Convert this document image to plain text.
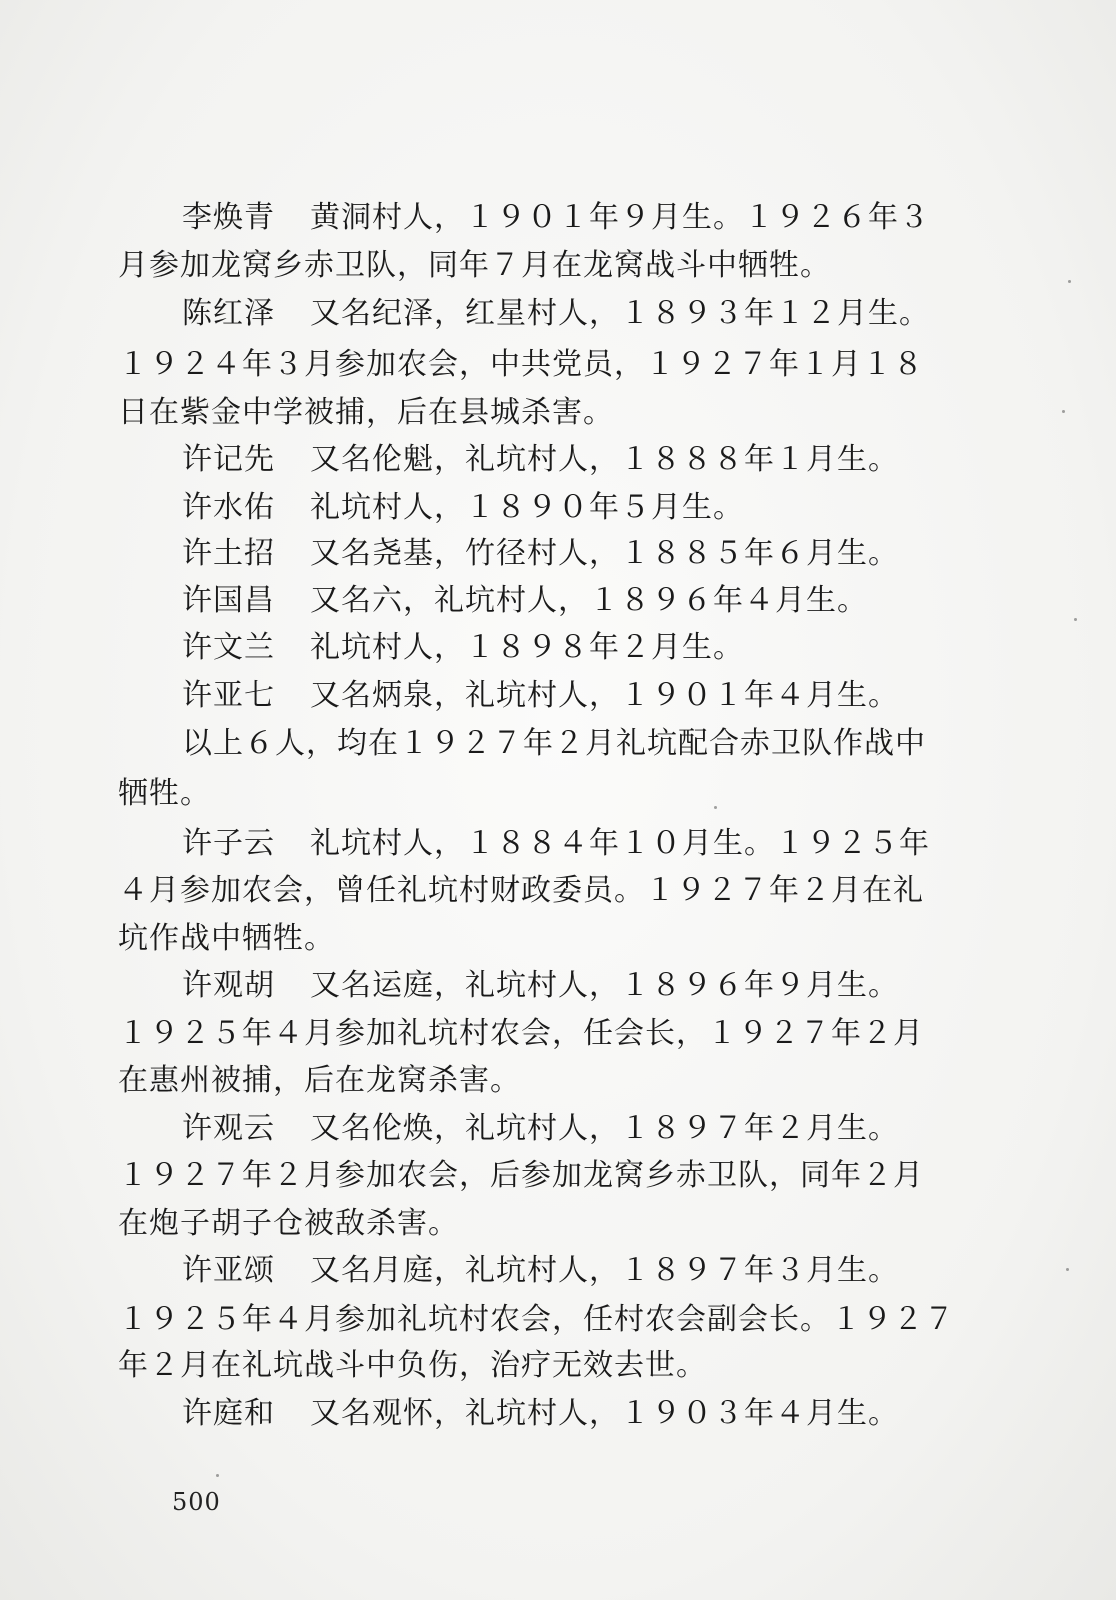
李焕青 黄洞村人，１９０１年９月生。１９２６年３
月参加龙窝乡赤卫队，同年７月在龙窝战斗中牺牲。
陈红泽 又名纪泽，红星村人，１８９３年１２月生。
１９２４年３月参加农会，中共党员，１９２７年１月１８
日在紫金中学被捕，后在县城杀害。
许记先 又名伦魁，礼坑村人，１８８８年１月生。
许水佑 礼坑村人，１８９０年５月生。
许土招 又名尧基，竹径村人，１８８５年６月生。
许国昌 又名六，礼坑村人，１８９６年４月生。
许文兰 礼坑村人，１８９８年２月生。
许亚七 又名炳泉，礼坑村人，１９０１年４月生。
以上６人，均在１９２７年２月礼坑配合赤卫队作战中
牺牲。
许子云 礼坑村人，１８８４年１０月生。１９２５年
４月参加农会，曾任礼坑村财政委员。１９２７年２月在礼
坑作战中牺牲。
许观胡 又名运庭，礼坑村人，１８９６年９月生。
１９２５年４月参加礼坑村农会，任会长，１９２７年２月
在惠州被捕，后在龙窝杀害。
许观云 又名伦焕，礼坑村人，１８９７年２月生。
１９２７年２月参加农会，后参加龙窝乡赤卫队，同年２月
在炮子胡子仓被敌杀害。
许亚颂 又名月庭，礼坑村人，１８９７年３月生。
１９２５年４月参加礼坑村农会，任村农会副会长。１９２７
年２月在礼坑战斗中负伤，治疗无效去世。
许庭和 又名观怀，礼坑村人，１９０３年４月生。
500
